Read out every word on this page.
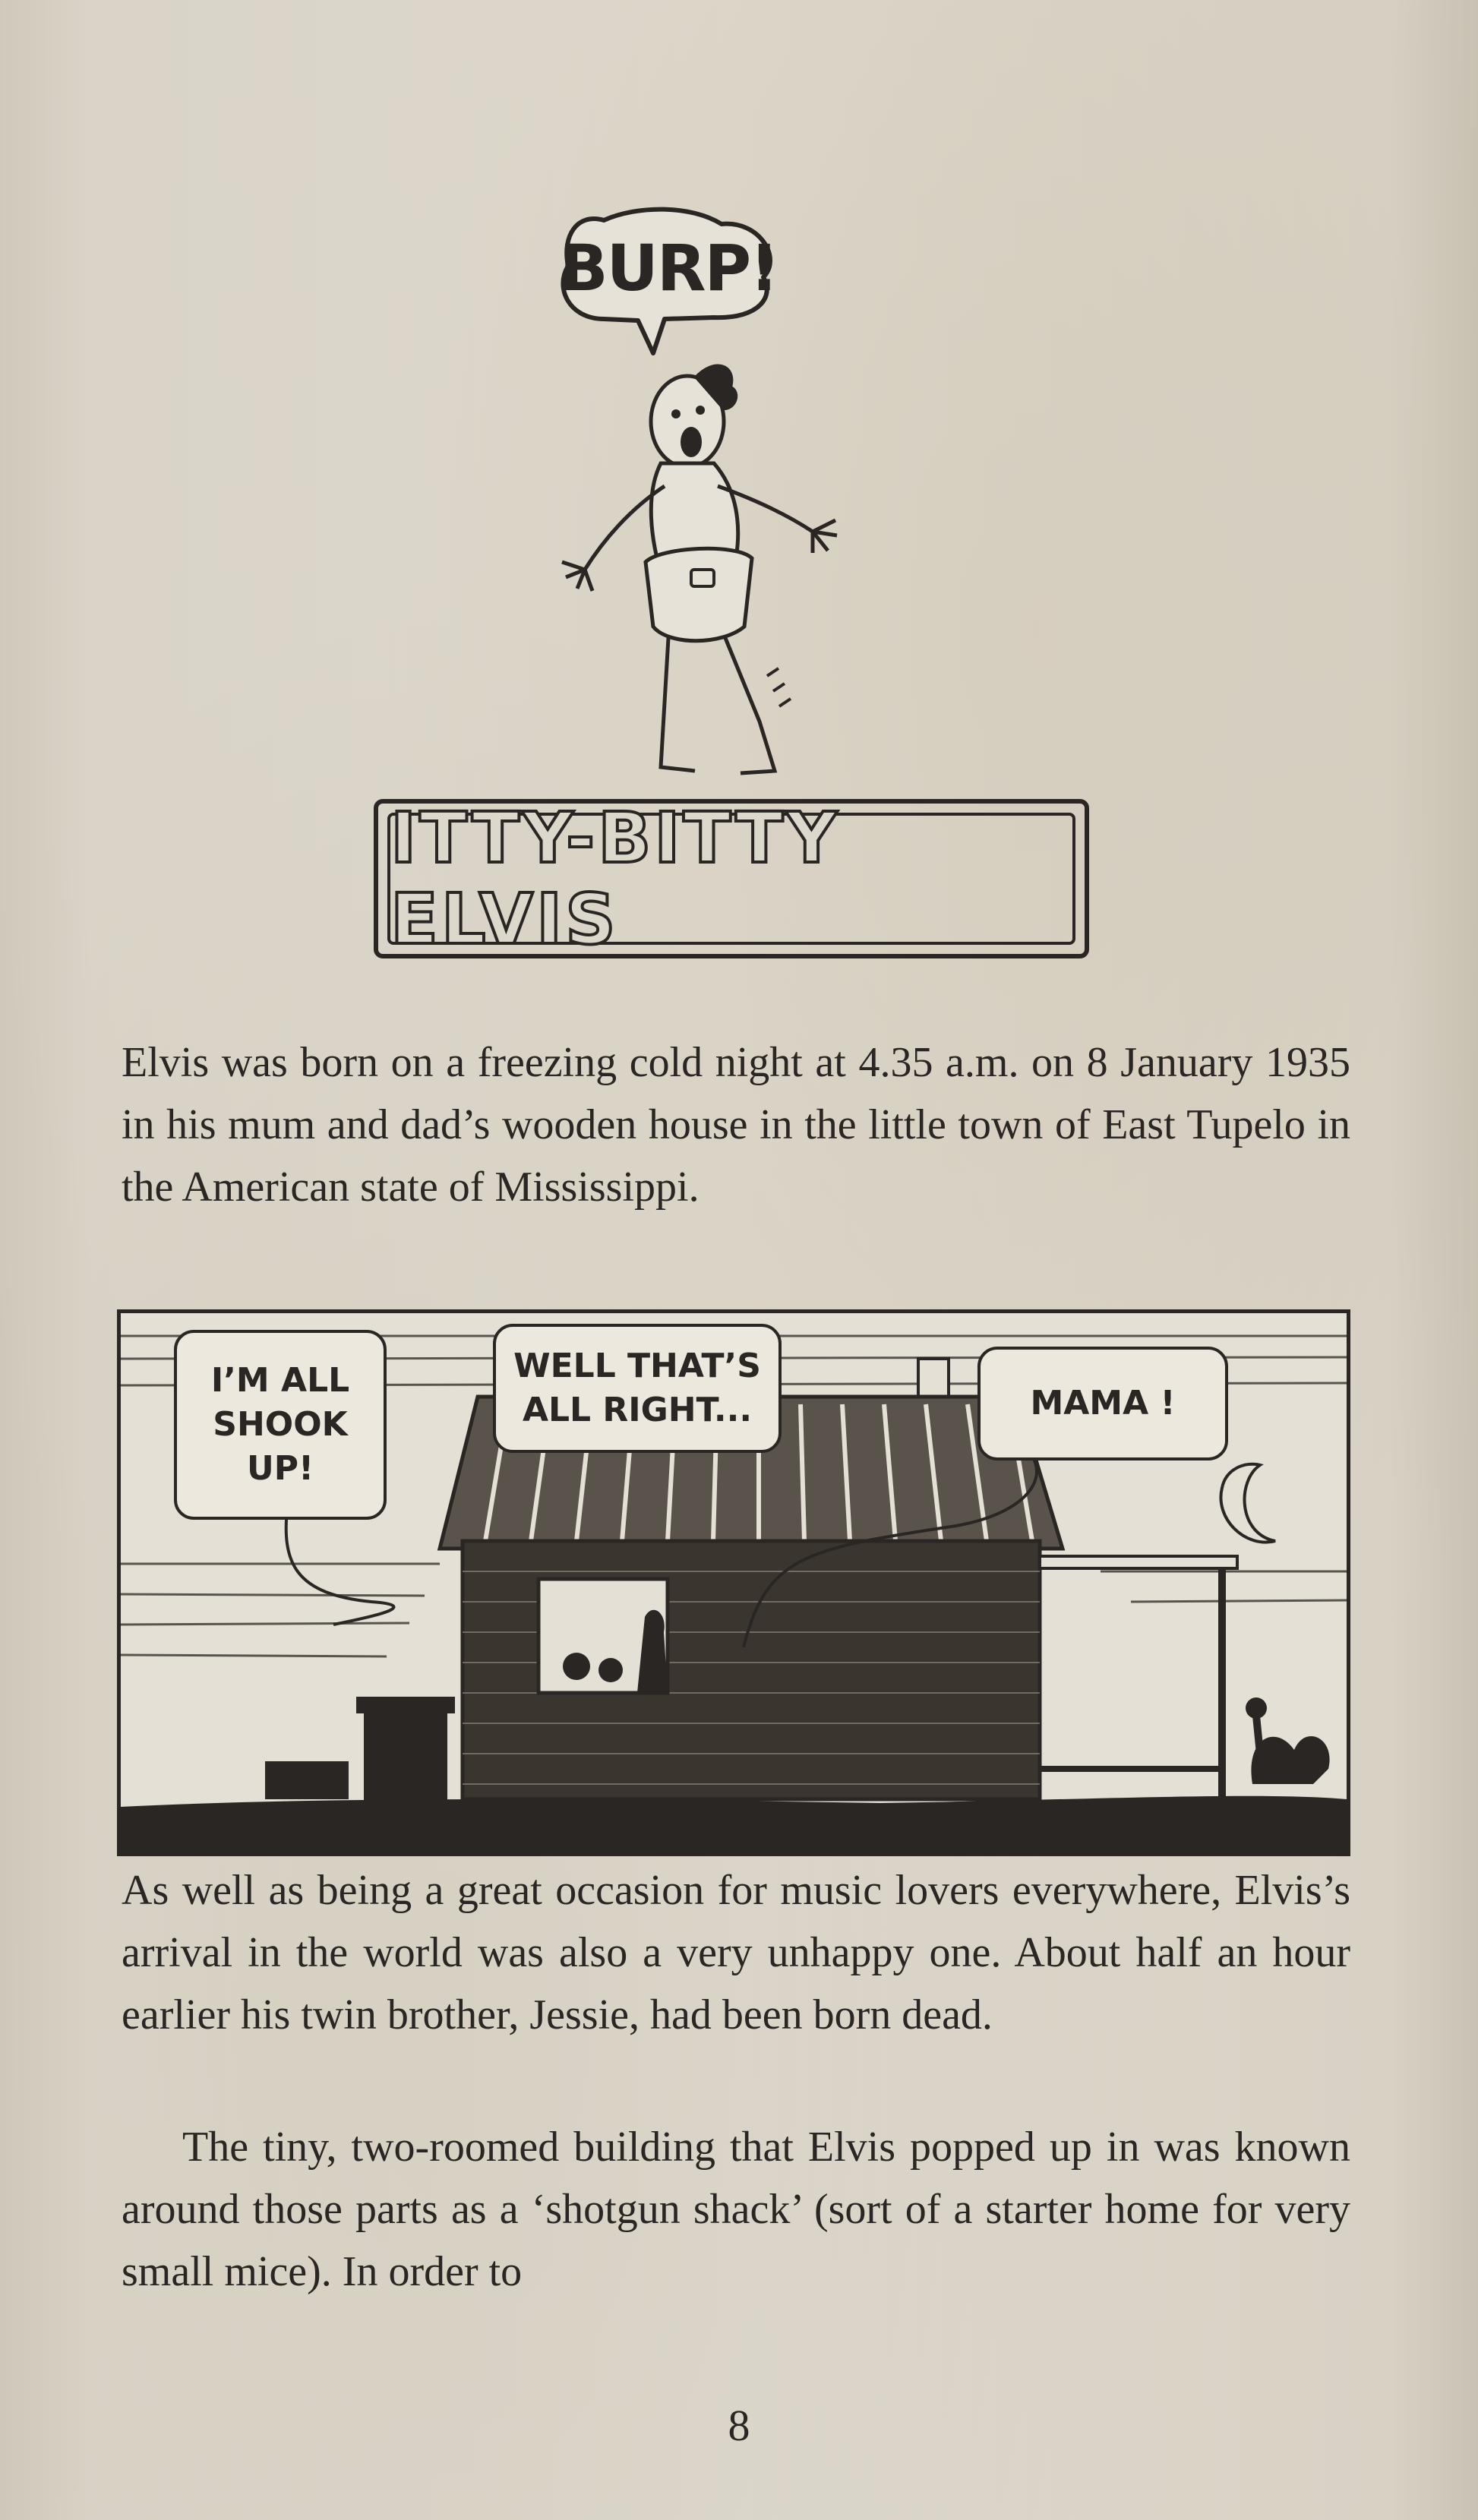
BURP!
ITTY-BITTY ELVIS

Elvis was born on a freezing cold night at 4.35 a.m. on 8 January 1935 in his mum and dad’s wooden house in the little town of East Tupelo in the American state of Mississippi.

I’M ALL SHOOK UP!
WELL THAT’S ALL RIGHT...	MAMA !

As well as being a great occasion for music lovers everywhere, Elvis’s arrival in the world was also a very unhappy one. About half an hour earlier his twin brother, Jessie, had been born dead.

The tiny, two-roomed building that Elvis popped up in was known around those parts as a ‘shotgun shack’ (sort of a starter home for very small mice). In order to

8
